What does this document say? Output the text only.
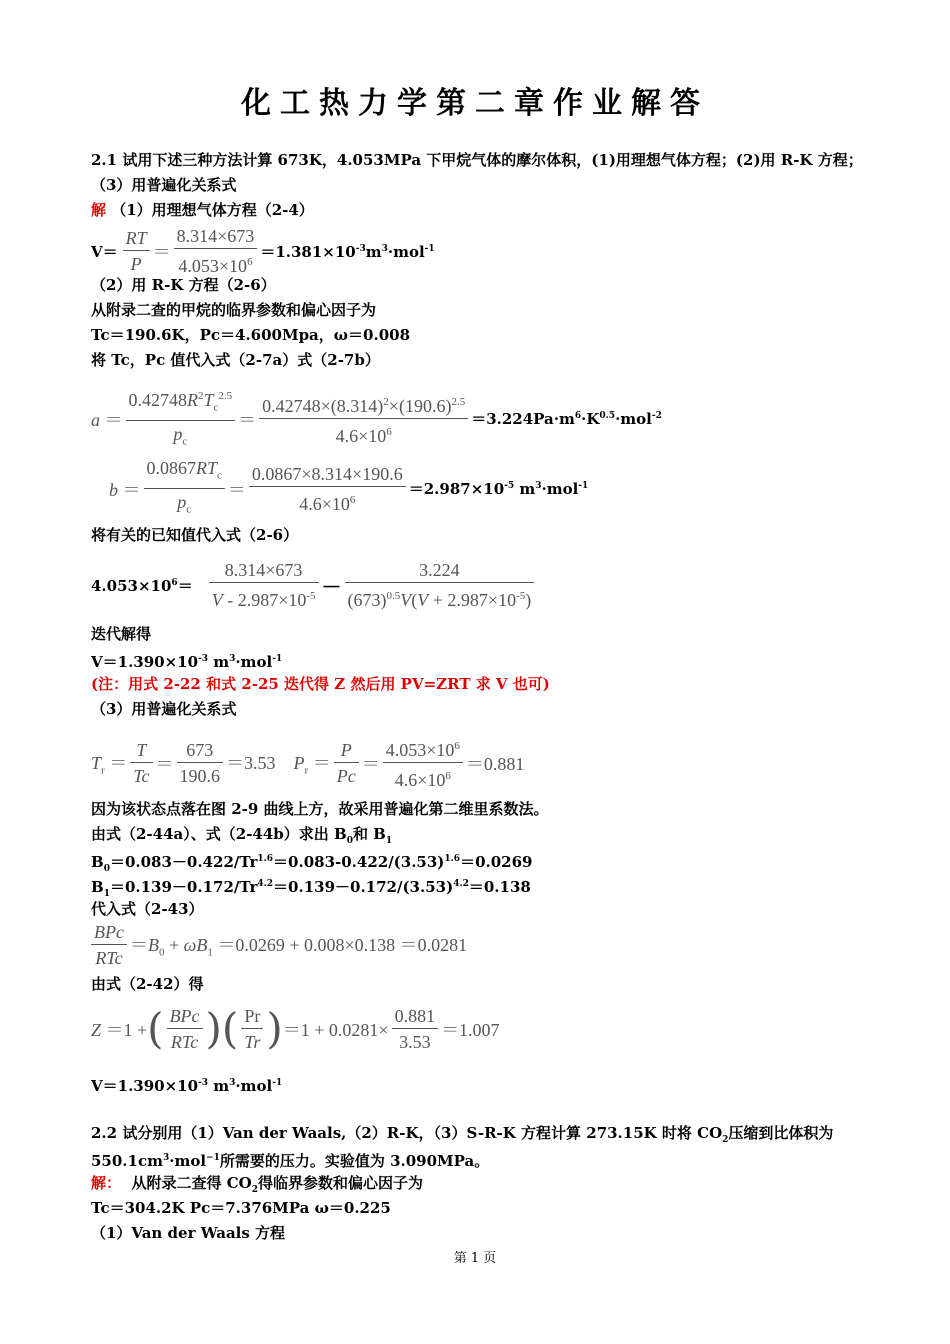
化工热力学第二章作业解答
2.1 试用下述三种方法计算 673K，4.053MPa 下甲烷气体的摩尔体积，(1)用理想气体方程；(2)用 R-K 方程；
（3）用普遍化关系式
解 （1）用理想气体方程（2-4）
$V= \frac{RT}{P} = \frac{8.314\times 673}{4.053\times 10^6} =1.381\times 10^{-3}m^3\cdot mol^{-1}$
（2）用 R-K 方程（2-6）
从附录二查的甲烷的临界参数和偏心因子为
Tc＝190.6K，Pc＝4.600Mpa，ω＝0.008
将 Tc，Pc 值代入式（2-7a）式（2-7b）
$a = \frac{0.42748R^2T_c^{2.5}}{p_c} = \frac{0.42748\times(8.314)^2\times(190.6)^{2.5}}{4.6\times 10^6} =3.224Pa\cdot m^6\cdot K^{0.5}\cdot mol^{-2}$
$b = \frac{0.0867RT_c}{p_c} = \frac{0.0867\times 8.314\times 190.6}{4.6\times 10^6} =2.987\times 10^{-5}$ $m^3\cdot mol^{-1}$
将有关的已知值代入式（2-6）
$4.053\times 10^6= \frac{8.314\times 673}{V - 2.987\times 10^{-5}} - \frac{3.224}{(673)^{0.5}V(V + 2.987\times 10^{-5})}$
迭代解得
$V=1.390\times 10^{-3}$ $m^3\cdot mol^{-1}$
(注：用式 2-22 和式 2-25 迭代得 Z 然后用 PV=ZRT 求 V 也可)
（3）用普遍化关系式
$T_r = \frac{T}{Tc} = \frac{673}{190.6} =3.53$    $P_r = \frac{P}{Pc} = \frac{4.053\times 10^6}{4.6\times 10^6} =0.881$
因为该状态点落在图 2-9 曲线上方，故采用普遍化第二维里系数法。
由式（2-44a）、式（2-44b）求出 $B_0$和 $B_1$
$B_0=0.083-0.422/Tr^{1.6}=0.083-0.422/(3.53)^{1.6}=0.0269$
$B_1=0.139-0.172/Tr^{4.2}=0.139-0.172/(3.53)^{4.2}=0.138$
代入式（2-43）
$\frac{\text{BPc}}{\text{RTc}} =B_0 + \omega B_1 =0.0269 + 0.008\times 0.138 =0.0281$
由式（2-42）得
Z ＝1 + ( $\frac{\text{BPc}}{\text{RTc}}$ )( $\frac{Pr}{Tr}$ ) $=1 + 0.0281\times \frac{0.881}{3.53} =1.007$
$V=1.390\times 10^{-3}$ $m^3\cdot mol^{-1}$
2.2 试分别用（1）Van der Waals,（2）R-K，（3）S-R-K 方程计算 273.15K 时将 $CO_2$压缩到比体积为
$550.1cm^3\cdot mol^{-1}$所需要的压力。实验值为 3.090MPa。
解： 从附录二查得 $CO_2$得临界参数和偏心因子为
Tc＝304.2K Pc＝7.376MPa ω＝0.225
（1）Van der Waals 方程
第 1 页
